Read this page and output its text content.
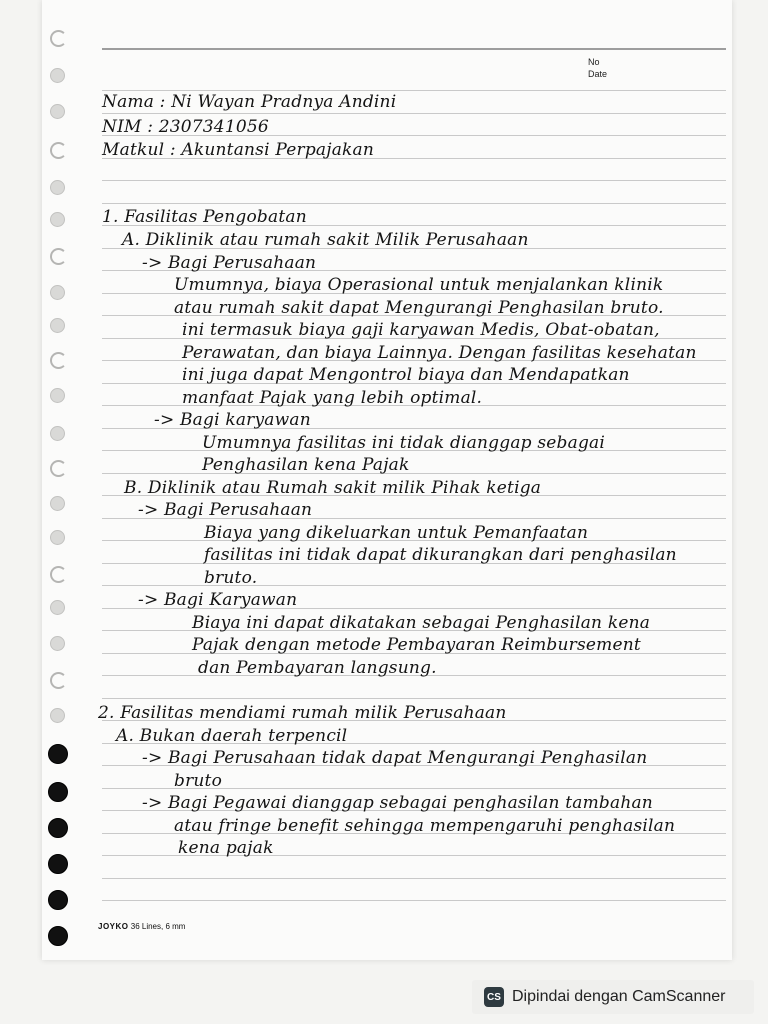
No
Date
Nama : Ni Wayan Pradnya Andini
NIM : 2307341056
Matkul : Akuntansi Perpajakan
1. Fasilitas Pengobatan
A. Diklinik atau rumah sakit Milik Perusahaan
-> Bagi Perusahaan
Umumnya, biaya Operasional untuk menjalankan klinik
atau rumah sakit dapat Mengurangi Penghasilan bruto.
ini termasuk biaya gaji karyawan Medis, Obat-obatan,
Perawatan, dan biaya Lainnya. Dengan fasilitas kesehatan
ini juga dapat Mengontrol biaya dan Mendapatkan
manfaat Pajak yang lebih optimal.
-> Bagi karyawan
Umumnya fasilitas ini tidak dianggap sebagai
Penghasilan kena Pajak
B. Diklinik atau Rumah sakit milik Pihak ketiga
-> Bagi Perusahaan
Biaya yang dikeluarkan untuk Pemanfaatan
fasilitas ini tidak dapat dikurangkan dari penghasilan
bruto.
-> Bagi Karyawan
Biaya ini dapat dikatakan sebagai Penghasilan kena
Pajak dengan metode Pembayaran Reimbursement
dan Pembayaran langsung.
2. Fasilitas mendiami rumah milik Perusahaan
A. Bukan daerah terpencil
-> Bagi Perusahaan tidak dapat Mengurangi Penghasilan
bruto
-> Bagi Pegawai dianggap sebagai penghasilan tambahan
atau fringe benefit sehingga mempengaruhi penghasilan
kena pajak
JOYKO 36 Lines, 6 mm
CS Dipindai dengan CamScanner
